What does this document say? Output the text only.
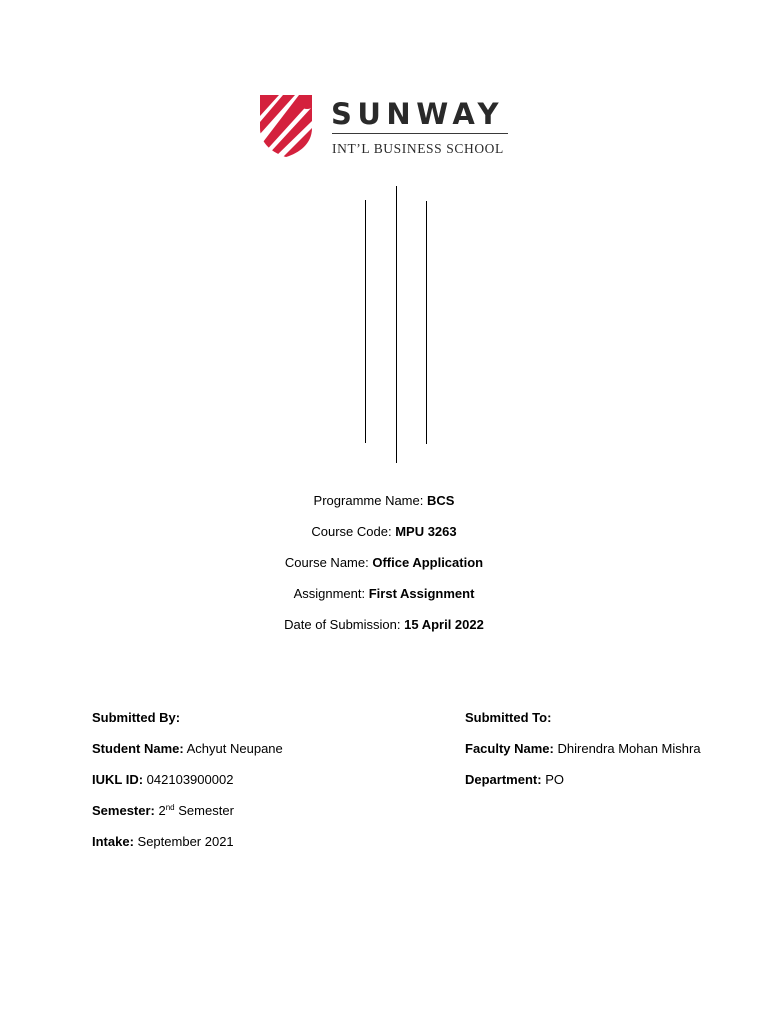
SUNWAY
INT’L BUSINESS SCHOOL
Programme Name: BCS
Course Code: MPU 3263
Course Name: Office Application
Assignment: First Assignment
Date of Submission: 15 April 2022
Submitted By:
Student Name: Achyut Neupane
IUKL ID: 042103900002
Semester: 2nd Semester
Intake: September 2021
Submitted To:
Faculty Name: Dhirendra Mohan Mishra
Department: PO
